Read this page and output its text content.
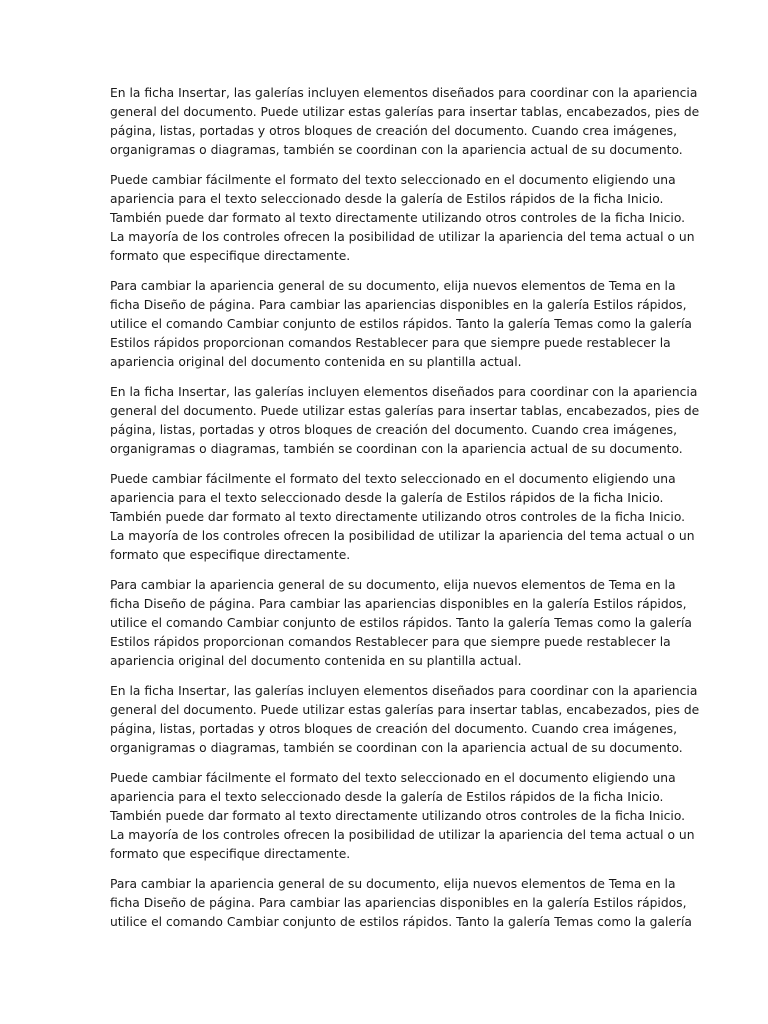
En la ficha Insertar, las galerías incluyen elementos diseñados para coordinar con la apariencia
general del documento. Puede utilizar estas galerías para insertar tablas, encabezados, pies de
página, listas, portadas y otros bloques de creación del documento. Cuando crea imágenes,
organigramas o diagramas, también se coordinan con la apariencia actual de su documento.

Puede cambiar fácilmente el formato del texto seleccionado en el documento eligiendo una
apariencia para el texto seleccionado desde la galería de Estilos rápidos de la ficha Inicio.
También puede dar formato al texto directamente utilizando otros controles de la ficha Inicio.
La mayoría de los controles ofrecen la posibilidad de utilizar la apariencia del tema actual o un
formato que especifique directamente.

Para cambiar la apariencia general de su documento, elija nuevos elementos de Tema en la
ficha Diseño de página. Para cambiar las apariencias disponibles en la galería Estilos rápidos,
utilice el comando Cambiar conjunto de estilos rápidos. Tanto la galería Temas como la galería
Estilos rápidos proporcionan comandos Restablecer para que siempre puede restablecer la
apariencia original del documento contenida en su plantilla actual.

En la ficha Insertar, las galerías incluyen elementos diseñados para coordinar con la apariencia
general del documento. Puede utilizar estas galerías para insertar tablas, encabezados, pies de
página, listas, portadas y otros bloques de creación del documento. Cuando crea imágenes,
organigramas o diagramas, también se coordinan con la apariencia actual de su documento.

Puede cambiar fácilmente el formato del texto seleccionado en el documento eligiendo una
apariencia para el texto seleccionado desde la galería de Estilos rápidos de la ficha Inicio.
También puede dar formato al texto directamente utilizando otros controles de la ficha Inicio.
La mayoría de los controles ofrecen la posibilidad de utilizar la apariencia del tema actual o un
formato que especifique directamente.

Para cambiar la apariencia general de su documento, elija nuevos elementos de Tema en la
ficha Diseño de página. Para cambiar las apariencias disponibles en la galería Estilos rápidos,
utilice el comando Cambiar conjunto de estilos rápidos. Tanto la galería Temas como la galería
Estilos rápidos proporcionan comandos Restablecer para que siempre puede restablecer la
apariencia original del documento contenida en su plantilla actual.

En la ficha Insertar, las galerías incluyen elementos diseñados para coordinar con la apariencia
general del documento. Puede utilizar estas galerías para insertar tablas, encabezados, pies de
página, listas, portadas y otros bloques de creación del documento. Cuando crea imágenes,
organigramas o diagramas, también se coordinan con la apariencia actual de su documento.

Puede cambiar fácilmente el formato del texto seleccionado en el documento eligiendo una
apariencia para el texto seleccionado desde la galería de Estilos rápidos de la ficha Inicio.
También puede dar formato al texto directamente utilizando otros controles de la ficha Inicio.
La mayoría de los controles ofrecen la posibilidad de utilizar la apariencia del tema actual o un
formato que especifique directamente.

Para cambiar la apariencia general de su documento, elija nuevos elementos de Tema en la
ficha Diseño de página. Para cambiar las apariencias disponibles en la galería Estilos rápidos,
utilice el comando Cambiar conjunto de estilos rápidos. Tanto la galería Temas como la galería
